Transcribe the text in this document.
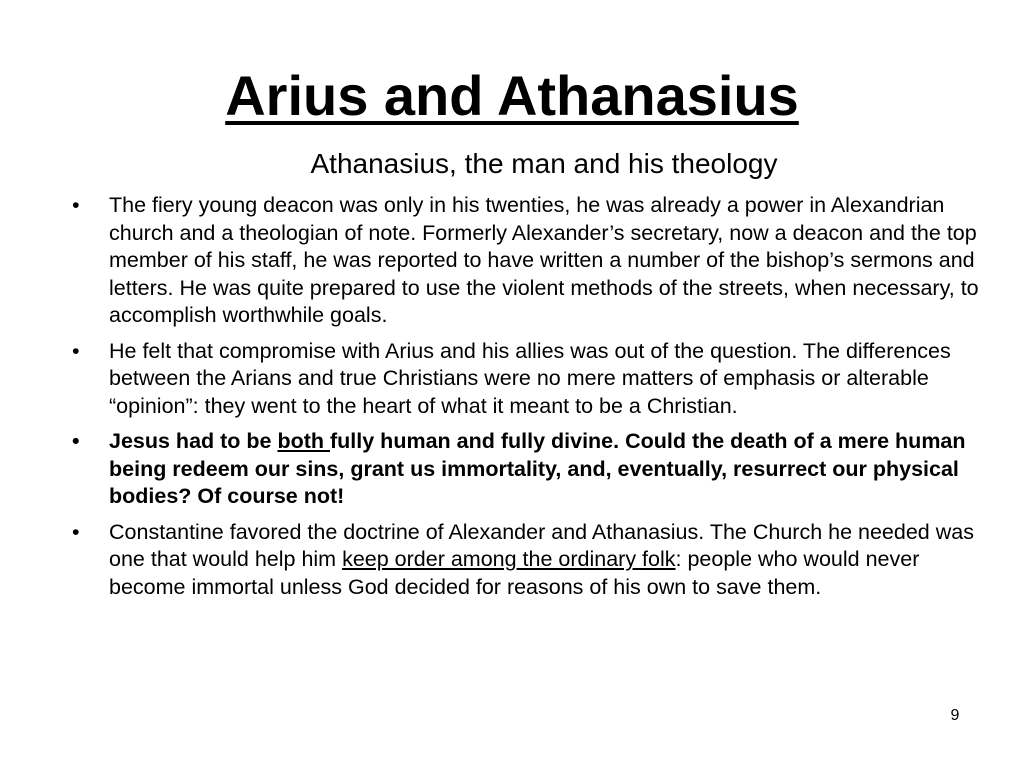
Arius and Athanasius

Athanasius, the man and his theology

• The fiery young deacon was only in his twenties, he was already a power in Alexandrian church and a theologian of note. Formerly Alexander’s secretary, now a deacon and the top member of his staff, he was reported to have written a number of the bishop’s sermons and letters. He was quite prepared to use the violent methods of the streets, when necessary, to accomplish worthwhile goals.
• He felt that compromise with Arius and his allies was out of the question. The differences between the Arians and true Christians were no mere matters of emphasis or alterable “opinion”: they went to the heart of what it meant to be a Christian.
• Jesus had to be both fully human and fully divine. Could the death of a mere human being redeem our sins, grant us immortality, and, eventually, resurrect our physical bodies? Of course not!
• Constantine favored the doctrine of Alexander and Athanasius. The Church he needed was one that would help him keep order among the ordinary folk: people who would never become immortal unless God decided for reasons of his own to save them.
9
